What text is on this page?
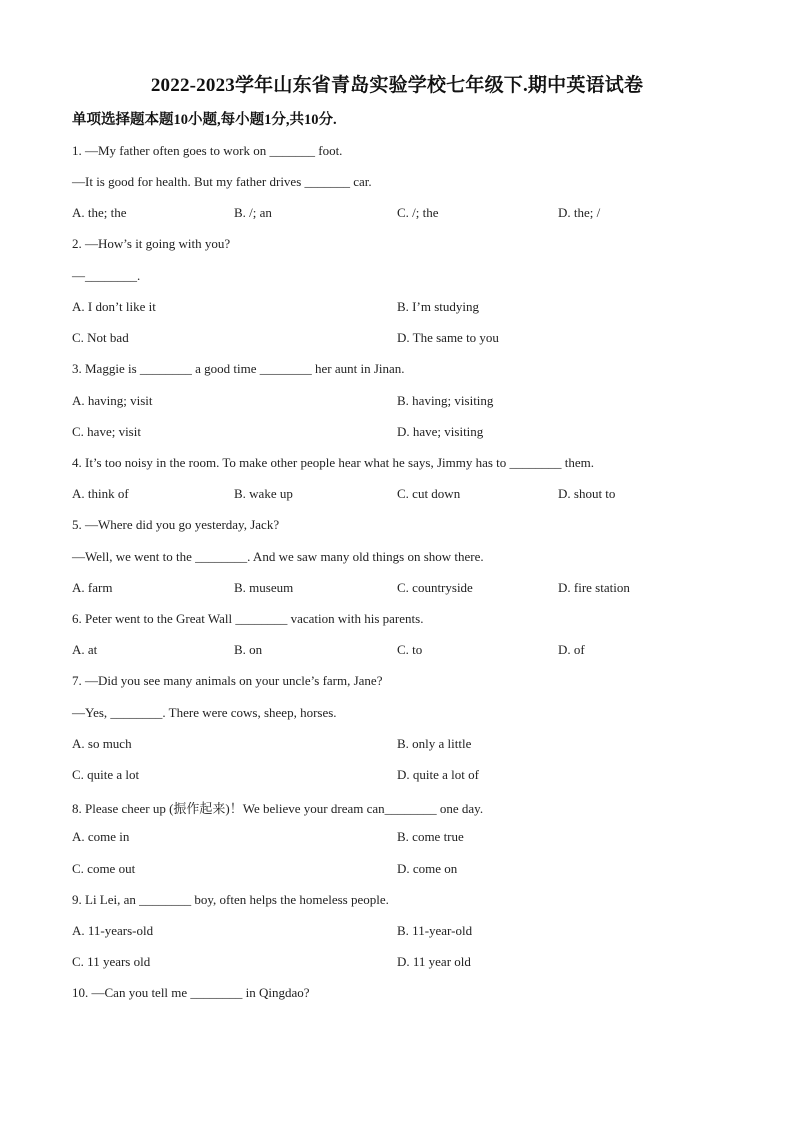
2022-2023学年山东省青岛实验学校七年级下.期中英语试卷
单项选择题本题10小题,每小题1分,共10分.
1. —My father often goes to work on _______ foot.
—It is good for health. But my father drives _______ car.
A. the; the	B. /; an	C. /; the	D. the; /
2. —How’s it going with you?
—________.
A. I don’t like it	B. I’m studying
C. Not bad	D. The same to you
3. Maggie is ________ a good time ________ her aunt in Jinan.
A. having; visit	B. having; visiting
C. have; visit	D. have; visiting
4. It’s too noisy in the room. To make other people hear what he says, Jimmy has to ________ them.
A. think of	B. wake up	C. cut down	D. shout to
5. —Where did you go yesterday, Jack?
—Well, we went to the ________. And we saw many old things on show there.
A. farm	B. museum	C. countryside	D. fire station
6. Peter went to the Great Wall ________ vacation with his parents.
A. at	B. on	C. to	D. of
7. —Did you see many animals on your uncle’s farm, Jane?
—Yes, ________. There were cows, sheep, horses.
A. so much	B. only a little
C. quite a lot	D. quite a lot of
8. Please cheer up (振作起来)！We believe your dream can________ one day.
A. come in	B. come true
C. come out	D. come on
9. Li Lei, an ________ boy, often helps the homeless people.
A. 11-years-old	B. 11-year-old
C. 11 years old	D. 11 year old
10. —Can you tell me ________ in Qingdao?
